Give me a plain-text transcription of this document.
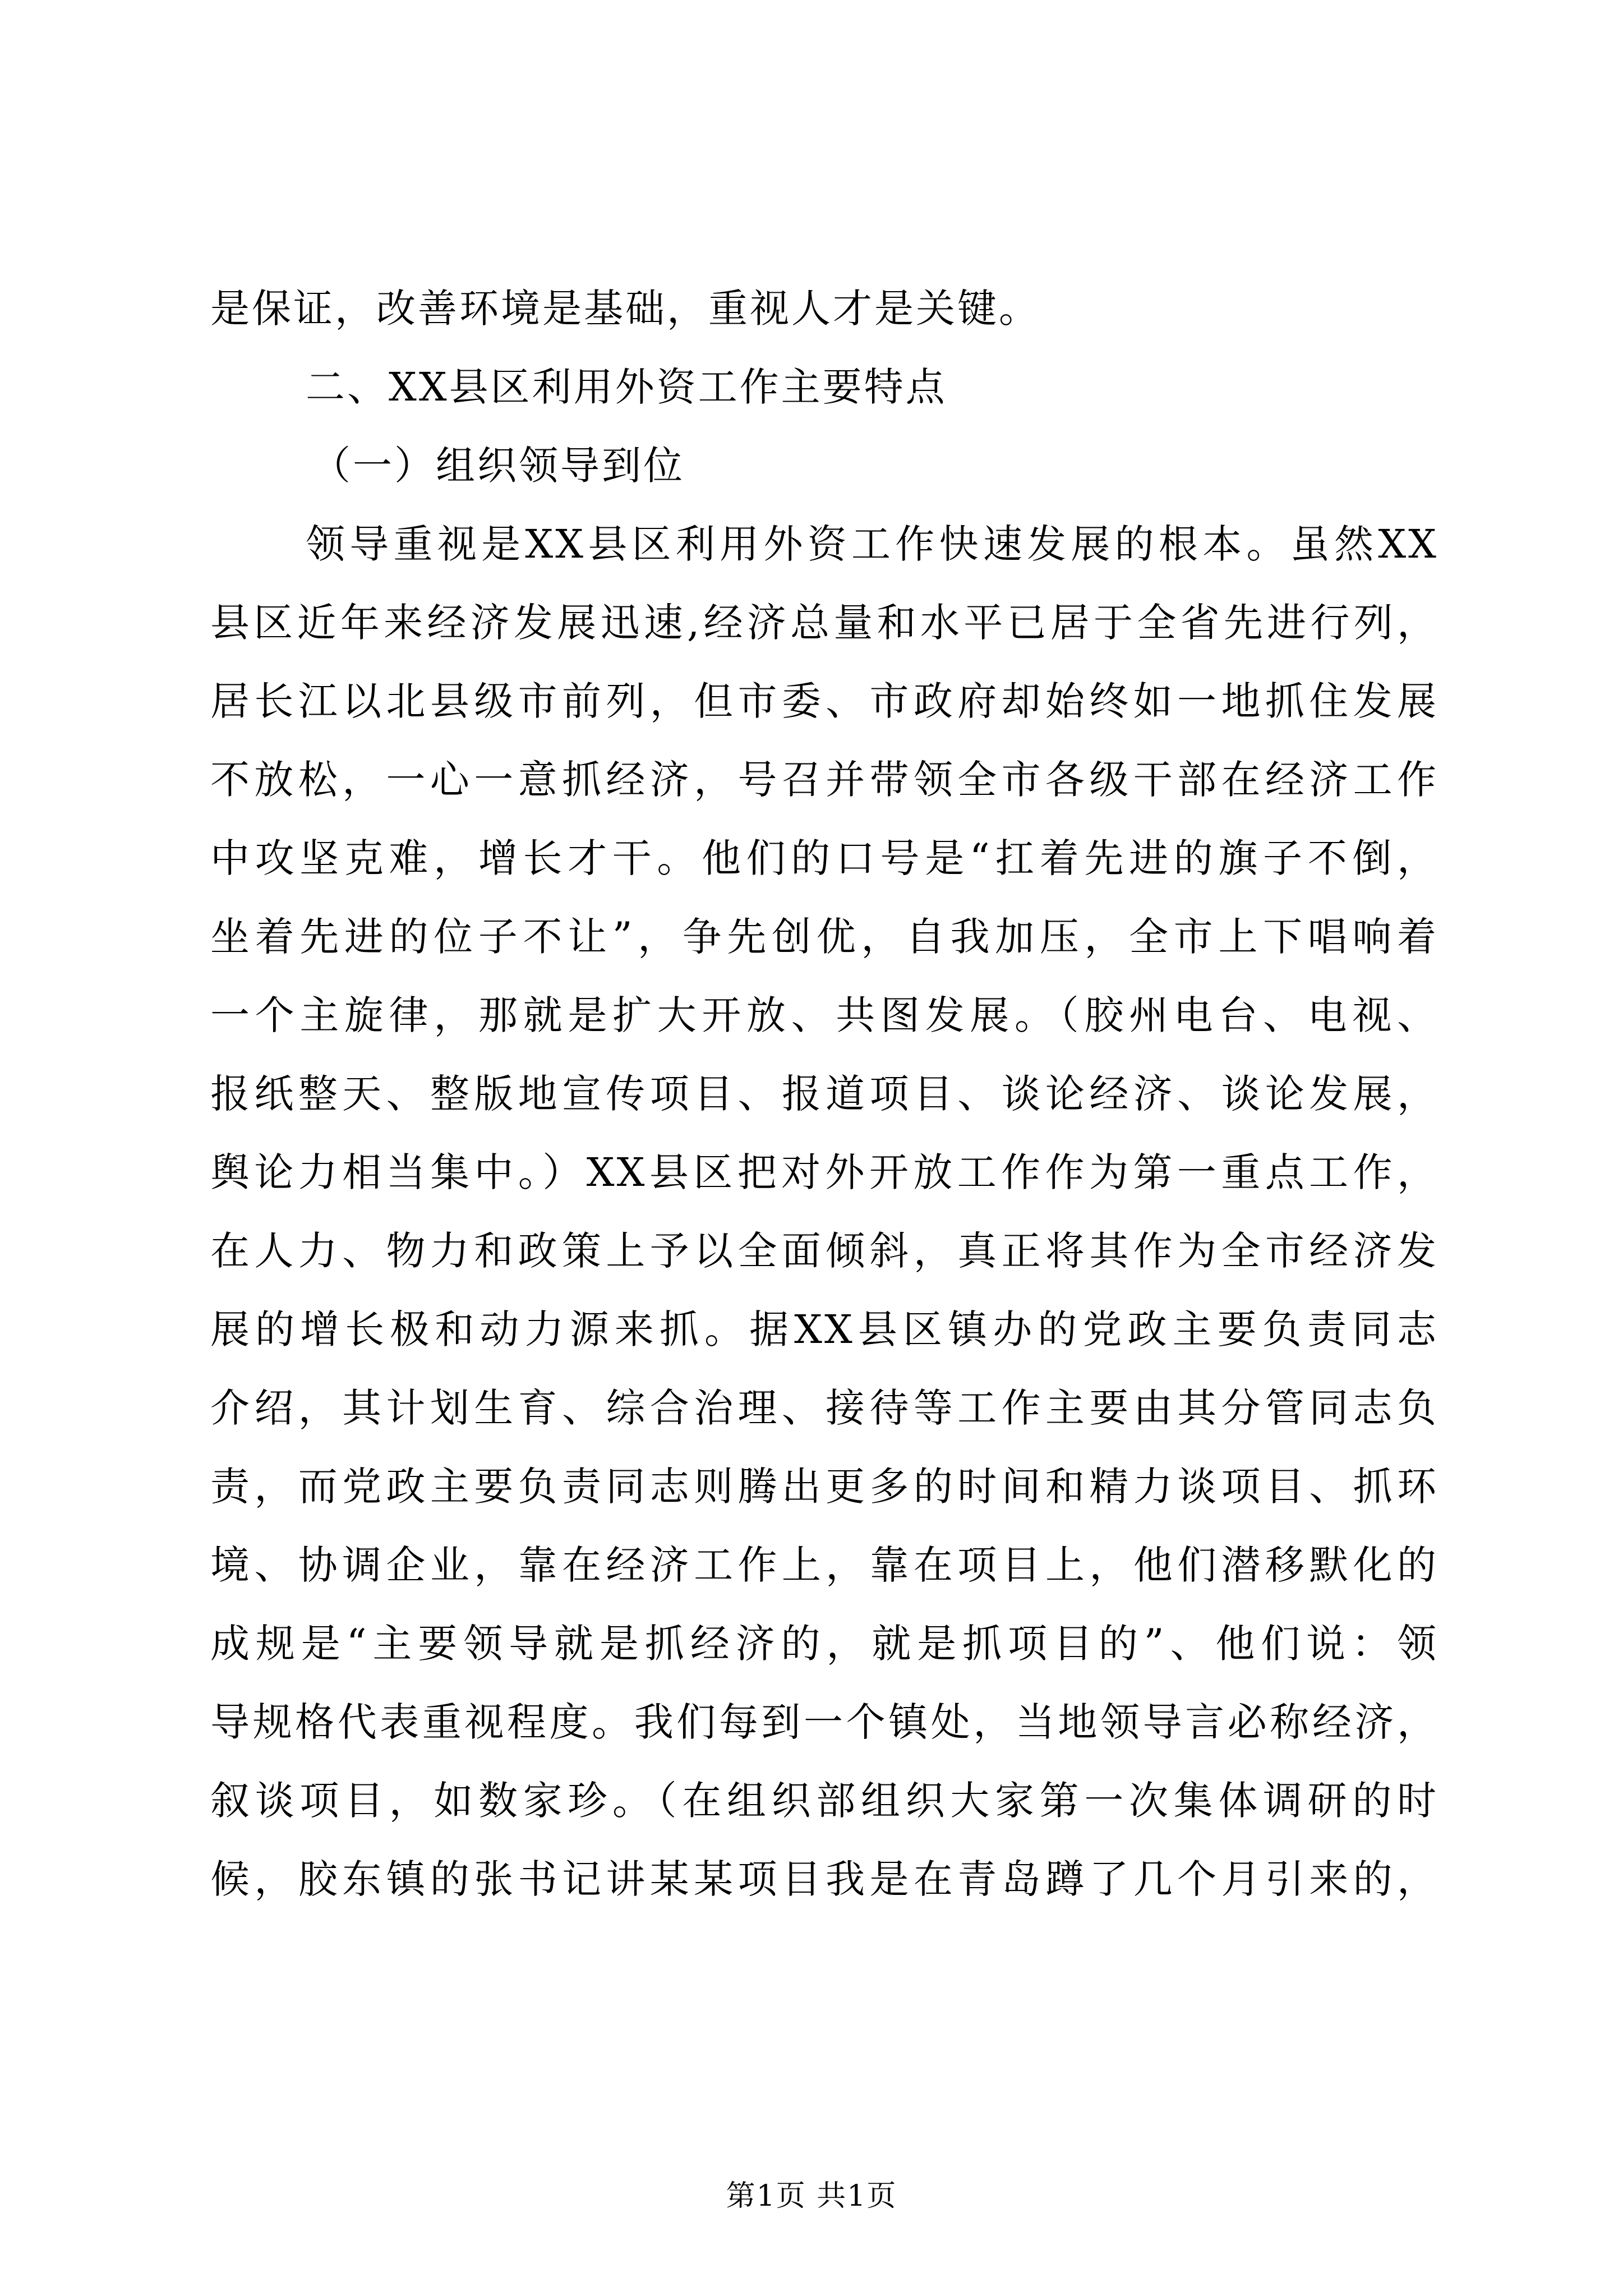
是保证，改善环境是基础，重视人才是关键。
二、XX县区利用外资工作主要特点
（一）组织领导到位
领导重视是XX县区利用外资工作快速发展的根本。虽然XX
县区近年来经济发展迅速,经济总量和水平已居于全省先进行列，
居长江以北县级市前列，但市委、市政府却始终如一地抓住发展
不放松，一心一意抓经济，号召并带领全市各级干部在经济工作
中攻坚克难，增长才干。他们的口号是“扛着先进的旗子不倒，
坐着先进的位子不让”，争先创优，自我加压，全市上下唱响着
一个主旋律，那就是扩大开放、共图发展。（胶州电台、电视、
报纸整天、整版地宣传项目、报道项目、谈论经济、谈论发展，
舆论力相当集中。）XX县区把对外开放工作作为第一重点工作，
在人力、物力和政策上予以全面倾斜，真正将其作为全市经济发
展的增长极和动力源来抓。据XX县区镇办的党政主要负责同志
介绍，其计划生育、综合治理、接待等工作主要由其分管同志负
责，而党政主要负责同志则腾出更多的时间和精力谈项目、抓环
境、协调企业，靠在经济工作上，靠在项目上，他们潜移默化的
成规是“主要领导就是抓经济的，就是抓项目的”、他们说：领
导规格代表重视程度。我们每到一个镇处，当地领导言必称经济，
叙谈项目，如数家珍。（在组织部组织大家第一次集体调研的时
候，胶东镇的张书记讲某某项目我是在青岛蹲了几个月引来的，
第1页 共1页
